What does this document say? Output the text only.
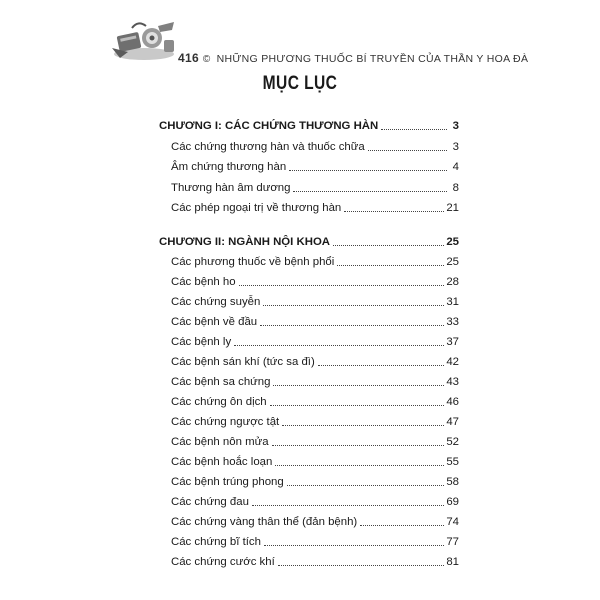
416 © NHỮNG PHƯƠNG THUỐC BÍ TRUYỀN CỦA THẦN Y HOA ĐÀ
MỤC LỤC
CHƯƠNG I: CÁC CHỨNG THƯƠNG HÀN	3
Các chứng thương hàn và thuốc chữa	3
Âm chứng thương hàn	4
Thương hàn âm dương	8
Các phép ngoại trị về thương hàn	21
CHƯƠNG II: NGÀNH NỘI KHOA	25
Các phương thuốc về bệnh phổi	25
Các bệnh ho	28
Các chứng suyễn	31
Các bệnh về đầu	33
Các bệnh ly	37
Các bệnh sán khí (tức sa đì)	42
Các bệnh sa chứng	43
Các chứng ôn dịch	46
Các chứng ngược tật	47
Các bệnh nôn mửa	52
Các bệnh hoắc loạn	55
Các bệnh trúng phong	58
Các chứng đau	69
Các chứng vàng thân thể (đản bệnh)	74
Các chứng bĩ tích	77
Các chứng cước khí	81
